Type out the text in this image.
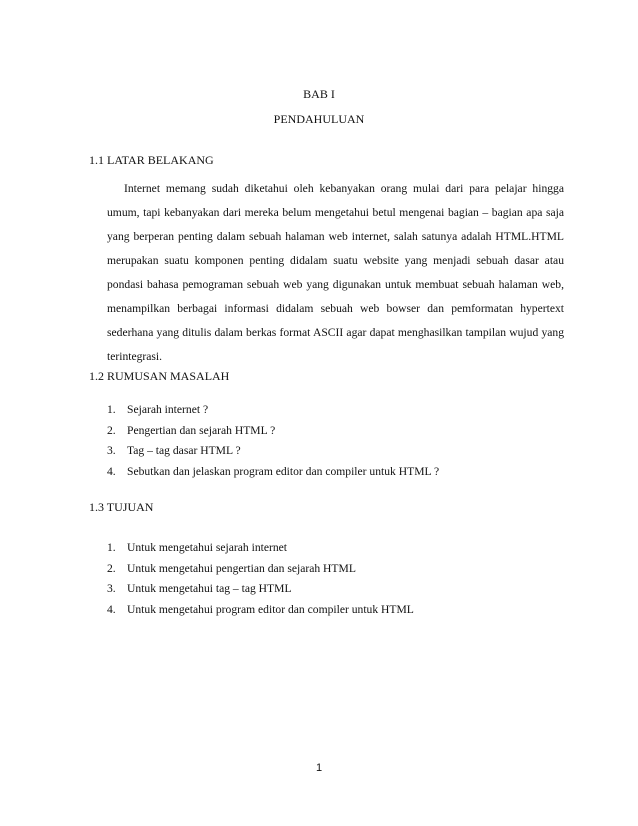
BAB I
PENDAHULUAN
1.1 LATAR BELAKANG

Internet memang sudah diketahui oleh kebanyakan orang mulai dari para pelajar hingga umum, tapi kebanyakan dari mereka belum mengetahui betul mengenai bagian – bagian apa saja yang berperan penting dalam sebuah halaman web internet, salah satunya adalah HTML.HTML merupakan suatu komponen penting didalam suatu website yang menjadi sebuah dasar atau pondasi bahasa pemograman sebuah web yang digunakan untuk membuat sebuah halaman web, menampilkan berbagai informasi didalam sebuah web bowser dan pemformatan hypertext sederhana yang ditulis dalam berkas format ASCII agar dapat menghasilkan tampilan wujud yang terintegrasi.

1.2 RUMUSAN MASALAH
1. Sejarah internet ?
2. Pengertian dan sejarah HTML ?
3. Tag – tag dasar HTML ?
4. Sebutkan dan jelaskan program editor dan compiler untuk HTML ?
1.3 TUJUAN
1. Untuk mengetahui sejarah internet
2. Untuk mengetahui pengertian dan sejarah HTML
3. Untuk mengetahui tag – tag HTML
4. Untuk mengetahui program editor dan compiler untuk HTML
1
